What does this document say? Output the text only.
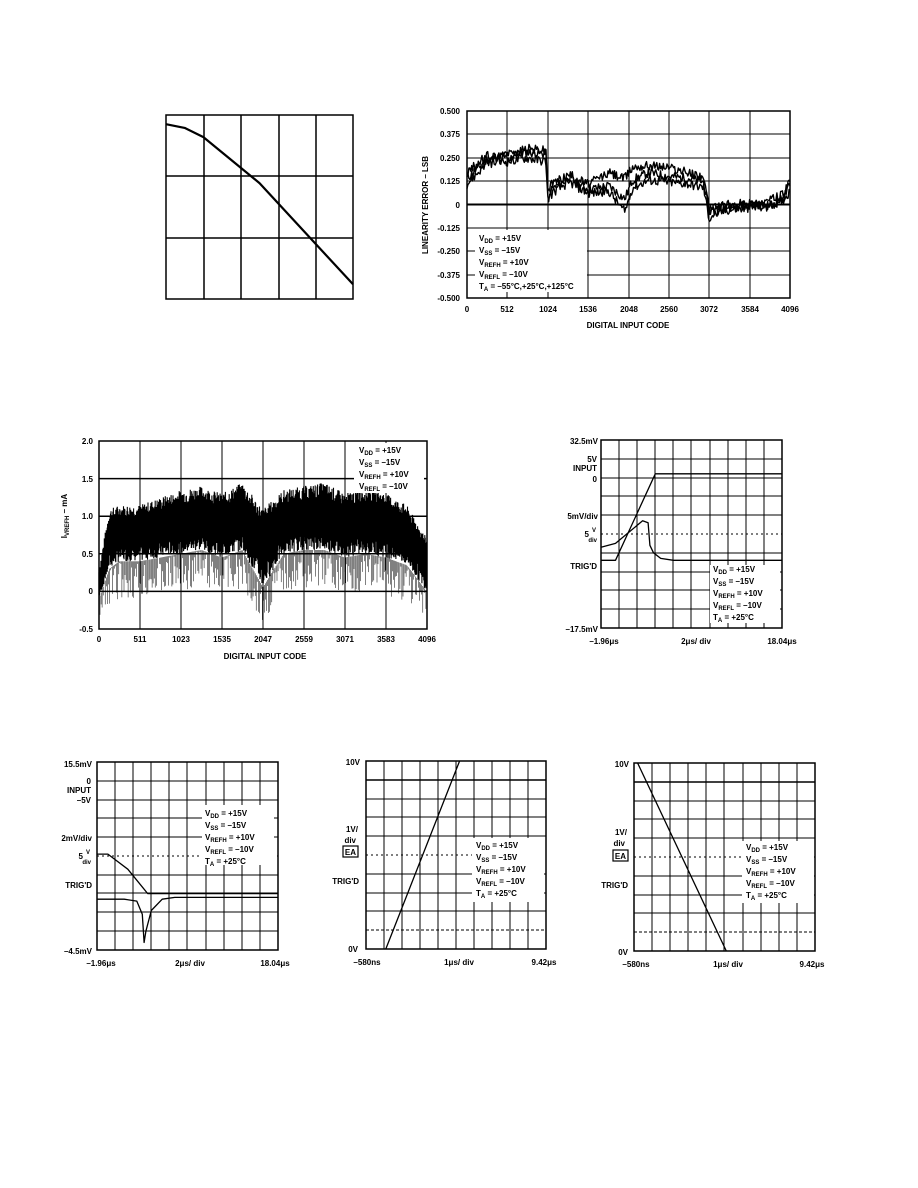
0.500
0.375
0.250
0.125
0
-0.125
-0.250
-0.375
-0.500
0	512	1024	1536	2048	2560	3072	3584	4096
DIGITAL INPUT CODE
LINEARITY ERROR – LSB	$V_{DD} = +15V$
$V_{SS} = -15V$
$V_{REFH} = +10V$
$V_{REFL} = -10V$
$T_A = -55^\circ C,+25^\circ C,+125^\circ C$
2.0
1.5
1.0
0.5
0
-0.5
0	511	1023	1535	2047	2559	3071	3583	4096
DIGITAL INPUT CODE
$I_{VREFH}$ – mA
$V_{DD} = +15V$
$V_{SS} = -15V$
$V_{REFH} = +10V$
$V_{REFL} = -10V$
32.5mV
5V
INPUT
0
5mV/div
5 V
div
TRIG'D
–17.5mV
–1.96μs	2μs/ div	18.04μs
$V_{DD} = +15V$
$V_{SS} = -15V$
$V_{REFH} = +10V$
$V_{REFL} = -10V$
$T_A = +25^\circ C$
15.5mV
0
INPUT
–5V
2mV/div
5 V
div
TRIG'D
–4.5mV
–1.96μs	2μs/ div	18.04μs
$V_{DD} = +15V$
$V_{SS} = -15V$
$V_{REFH} = +10V$
$V_{REFL} = -10V$
$T_A = +25^\circ C$
10V
1V/
div
EA
TRIG'D
0V
–580ns	1μs/ div	9.42μs
$V_{DD} = +15V$
$V_{SS} = -15V$
$V_{REFH} = +10V$
$V_{REFL} = -10V$
$T_A = +25^\circ C$
10V
1V/
div
EA
TRIG'D
0V
–580ns	1μs/ div	9.42μs
$V_{DD} = +15V$
$V_{SS} = -15V$
$V_{REFH} = +10V$
$V_{REFL} = -10V$
$T_A = +25^\circ C$
